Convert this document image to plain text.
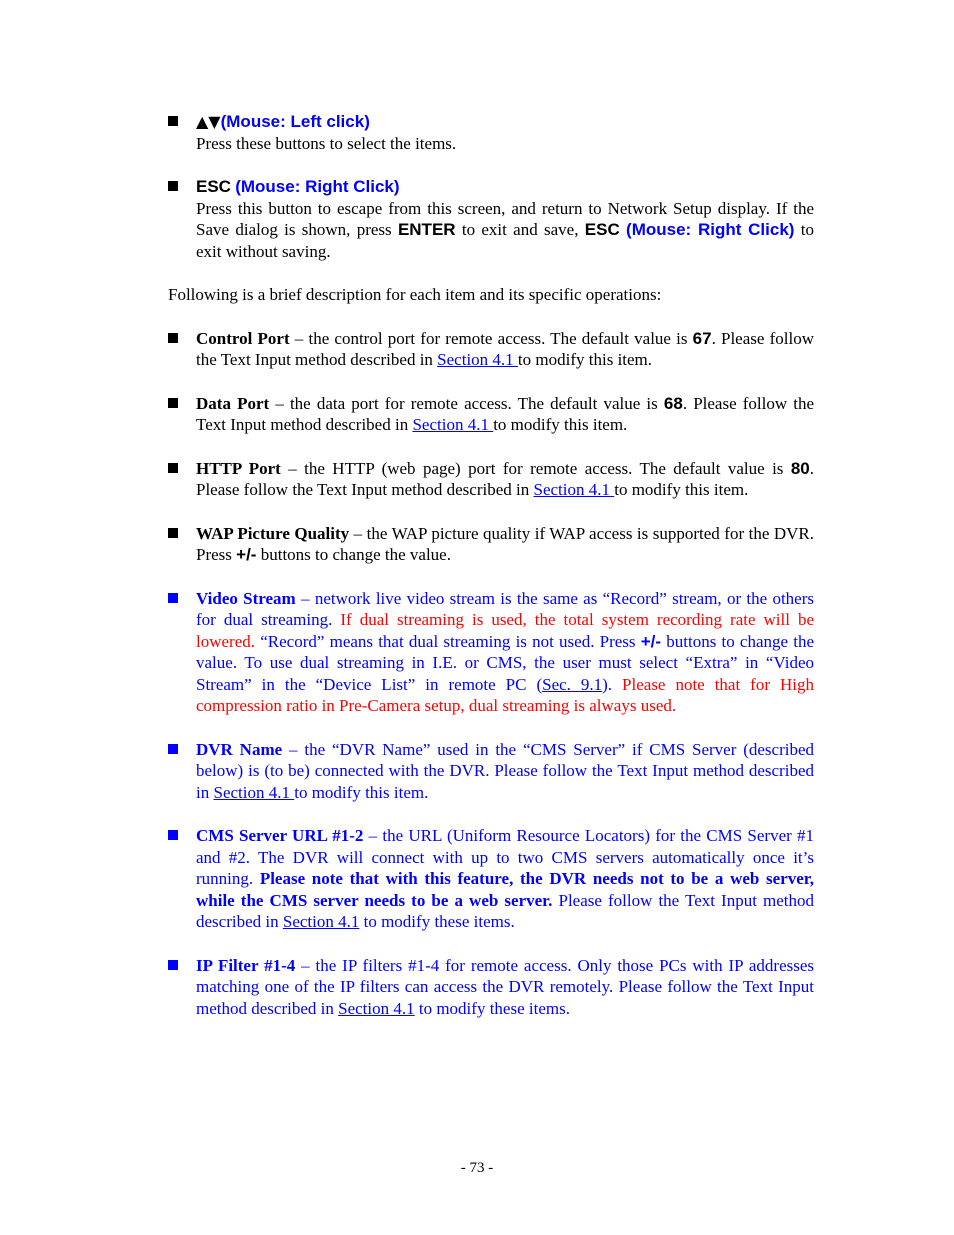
▲▼(Mouse: Left click)
Press these buttons to select the items.
ESC (Mouse: Right Click)
Press this button to escape from this screen, and return to Network Setup display. If the Save dialog is shown, press ENTER to exit and save, ESC (Mouse: Right Click) to exit without saving.
Following is a brief description for each item and its specific operations:
Control Port – the control port for remote access. The default value is 67. Please follow the Text Input method described in Section 4.1 to modify this item.
Data Port – the data port for remote access. The default value is 68. Please follow the Text Input method described in Section 4.1 to modify this item.
HTTP Port – the HTTP (web page) port for remote access. The default value is 80. Please follow the Text Input method described in Section 4.1 to modify this item.
WAP Picture Quality – the WAP picture quality if WAP access is supported for the DVR. Press +/- buttons to change the value.
Video Stream – network live video stream is the same as “Record” stream, or the others for dual streaming. If dual streaming is used, the total system recording rate will be lowered. “Record” means that dual streaming is not used. Press +/- buttons to change the value. To use dual streaming in I.E. or CMS, the user must select “Extra” in “Video Stream” in the “Device List” in remote PC (Sec. 9.1). Please note that for High compression ratio in Pre-Camera setup, dual streaming is always used.
DVR Name – the “DVR Name” used in the “CMS Server” if CMS Server (described below) is (to be) connected with the DVR. Please follow the Text Input method described in Section 4.1 to modify this item.
CMS Server URL #1-2 – the URL (Uniform Resource Locators) for the CMS Server #1 and #2. The DVR will connect with up to two CMS servers automatically once it’s running. Please note that with this feature, the DVR needs not to be a web server, while the CMS server needs to be a web server. Please follow the Text Input method described in Section 4.1 to modify these items.
IP Filter #1-4 – the IP filters #1-4 for remote access. Only those PCs with IP addresses matching one of the IP filters can access the DVR remotely. Please follow the Text Input method described in Section 4.1 to modify these items.
- 73 -
